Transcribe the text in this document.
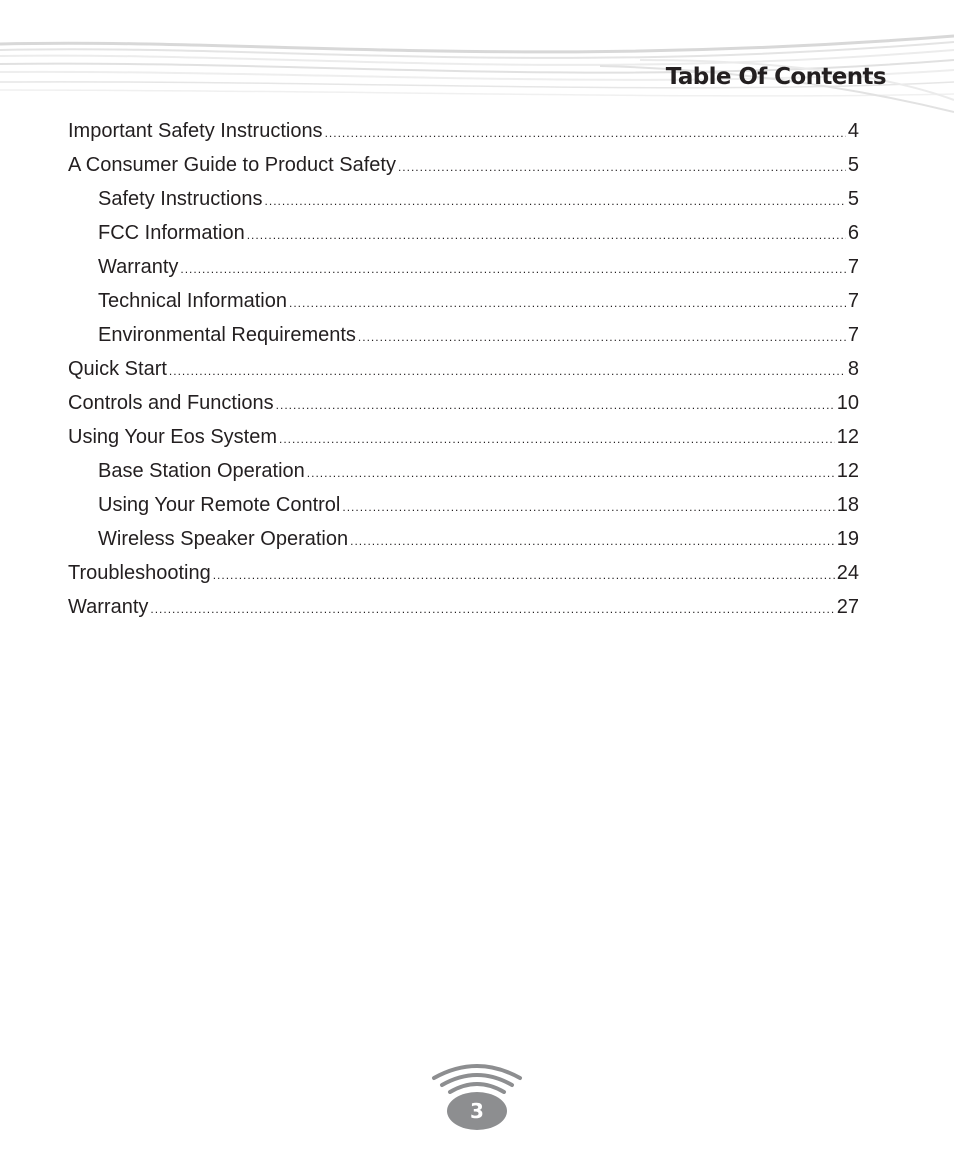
Table Of Contents
Important Safety Instructions .....	4
A Consumer Guide to Product Safety .....	5
Safety Instructions .....	5
FCC Information .....	6
Warranty .....	7
Technical Information .....	7
Environmental Requirements .....	7
Quick Start .....	8
Controls and Functions .....	10
Using Your Eos System .....	12
Base Station Operation .....	12
Using Your Remote Control .....	18
Wireless Speaker Operation .....	19
Troubleshooting .....	24
Warranty .....	27
3
